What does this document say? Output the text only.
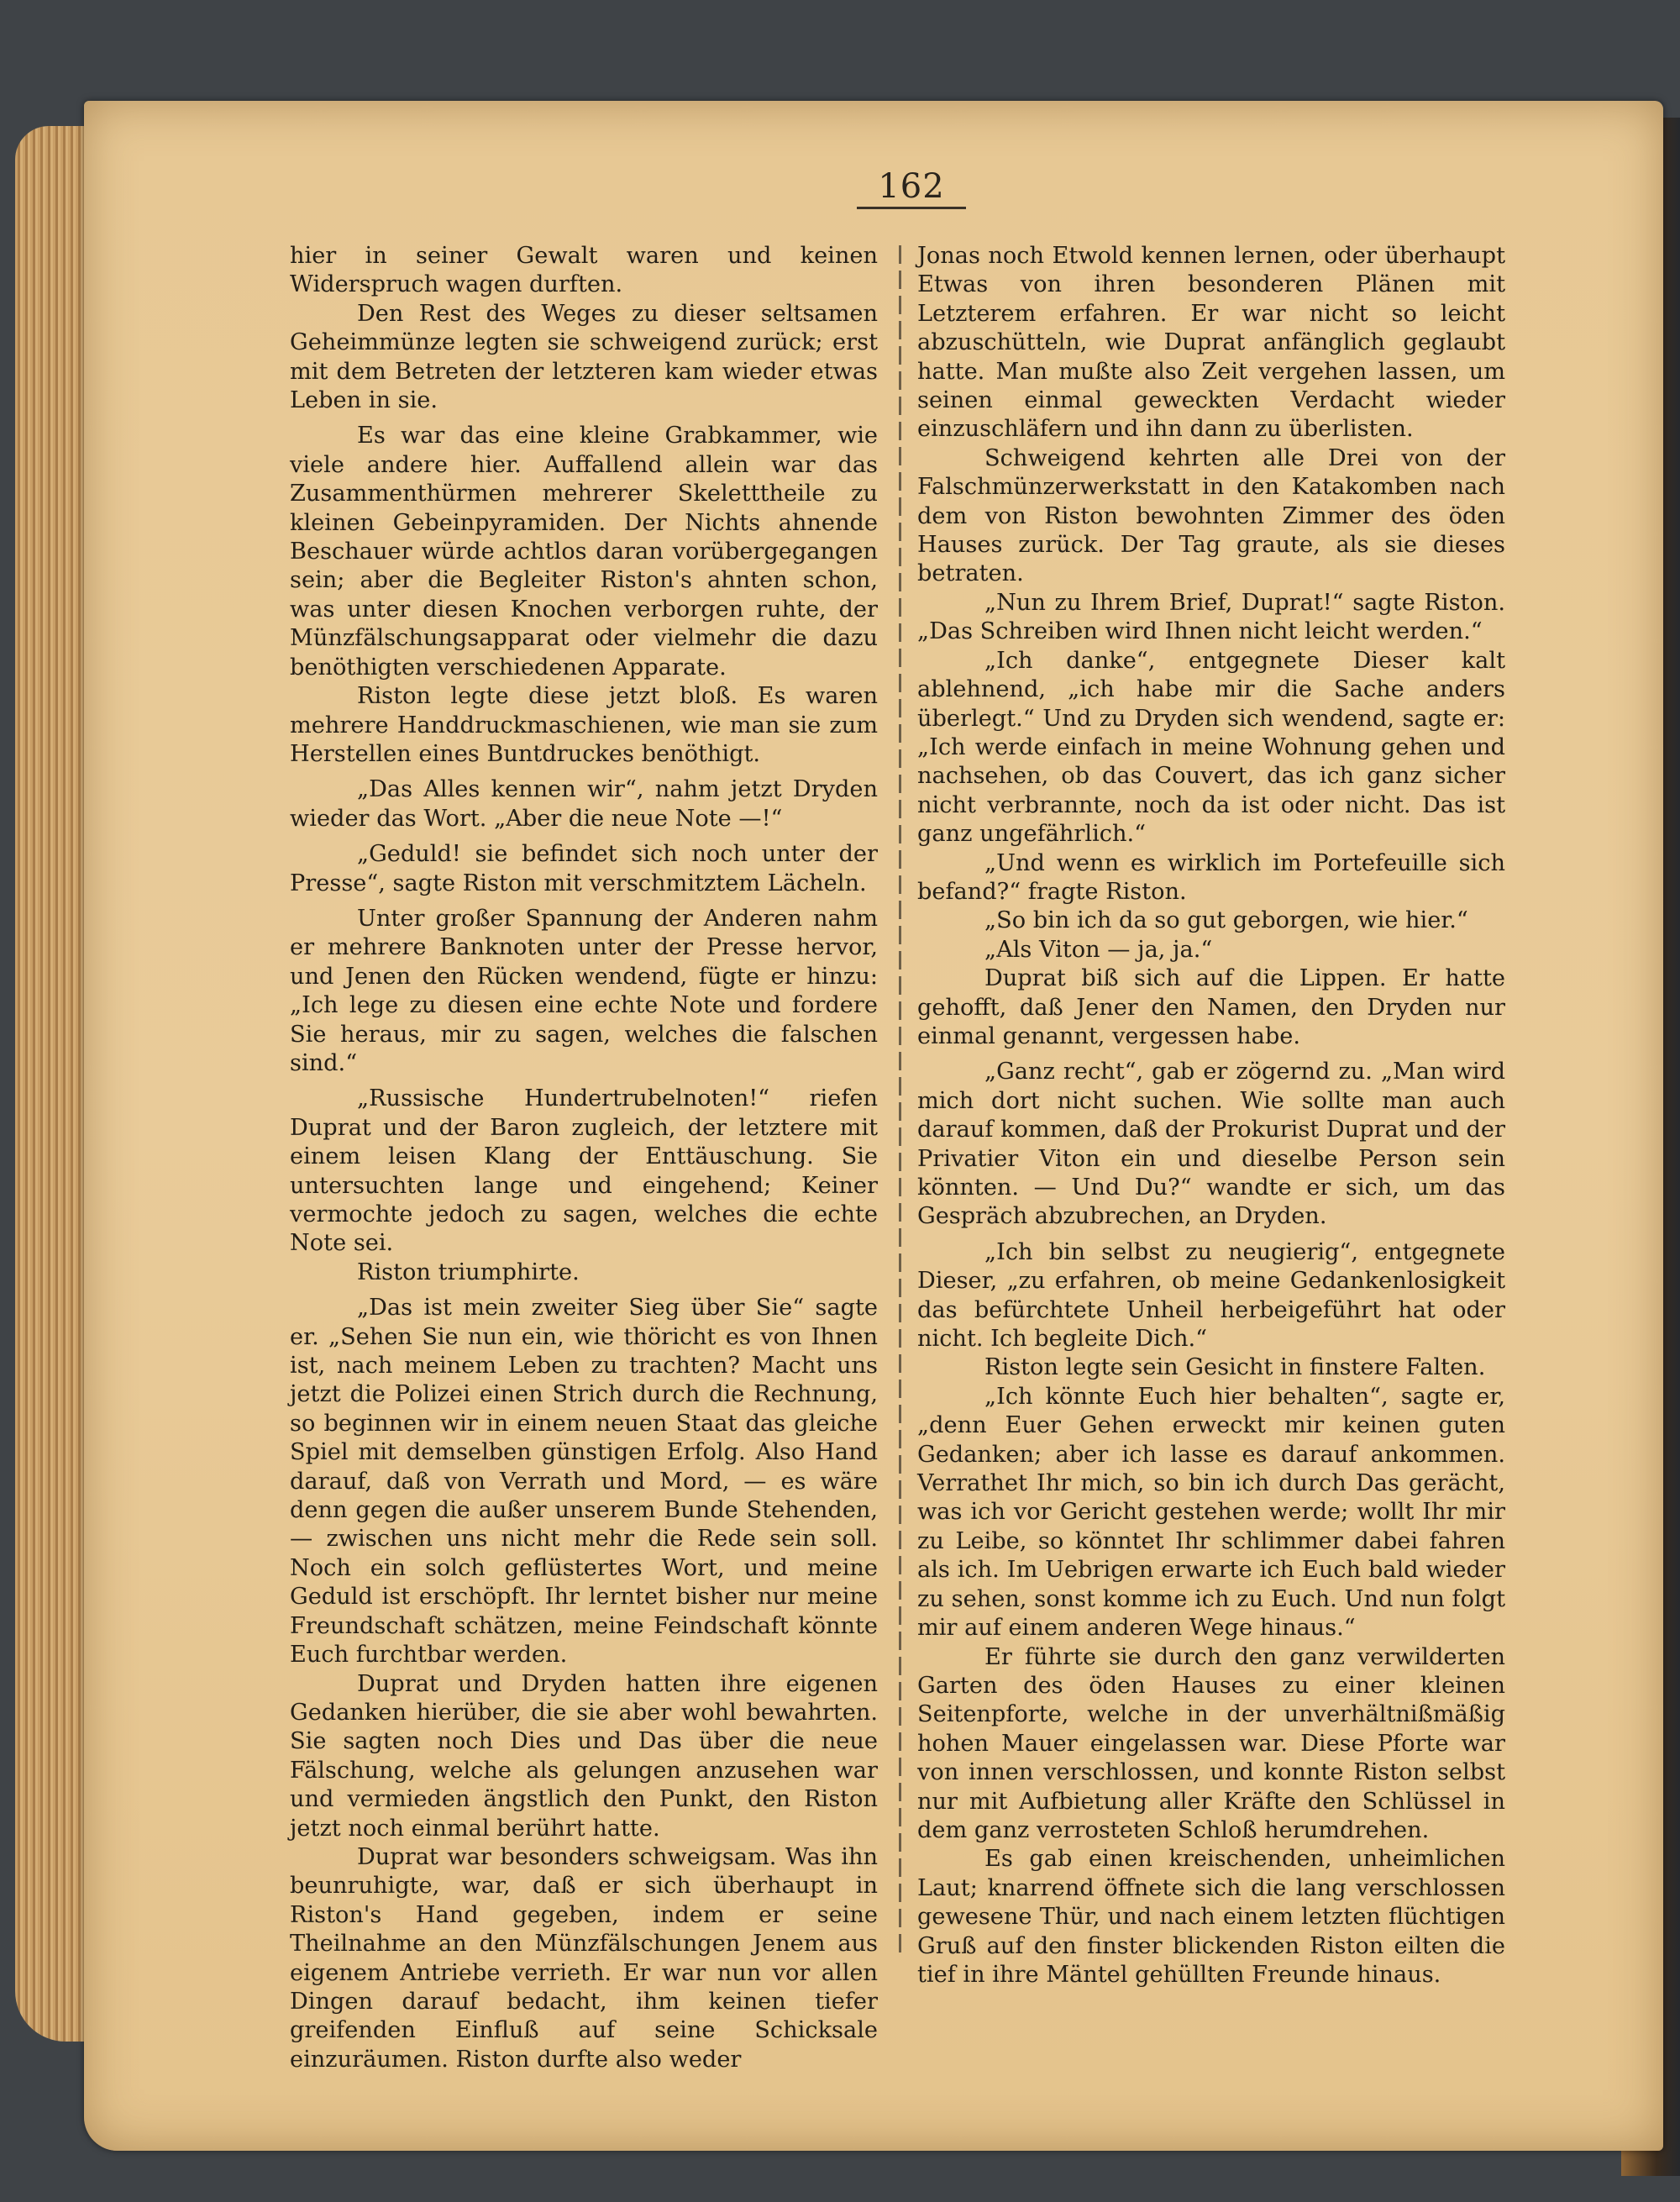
162

hier in seiner Gewalt waren und keinen Widerspruch wagen durften.

Den Rest des Weges zu dieser seltsamen Geheimmünze legten sie schweigend zurück; erst mit dem Betreten der letzteren kam wieder etwas Leben in sie.

Es war das eine kleine Grabkammer, wie viele andere hier. Auffallend allein war das Zusammenthürmen mehrerer Skeletttheile zu kleinen Gebeinpyramiden. Der Nichts ahnende Beschauer würde achtlos daran vorübergegangen sein; aber die Begleiter Riston's ahnten schon, was unter diesen Knochen verborgen ruhte, der Münzfälschungsapparat oder vielmehr die dazu benöthigten verschiedenen Apparate.

Riston legte diese jetzt bloß. Es waren mehrere Handdruckmaschienen, wie man sie zum Herstellen eines Buntdruckes benöthigt.

„Das Alles kennen wir“, nahm jetzt Dryden wieder das Wort. „Aber die neue Note —!“

„Geduld! sie befindet sich noch unter der Presse“, sagte Riston mit verschmitztem Lächeln.

Unter großer Spannung der Anderen nahm er mehrere Banknoten unter der Presse hervor, und Jenen den Rücken wendend, fügte er hinzu: „Ich lege zu diesen eine echte Note und fordere Sie heraus, mir zu sagen, welches die falschen sind.“

„Russische Hundertrubelnoten!“ riefen Duprat und der Baron zugleich, der letztere mit einem leisen Klang der Enttäuschung. Sie untersuchten lange und eingehend; Keiner vermochte jedoch zu sagen, welches die echte Note sei.

Riston triumphirte.

„Das ist mein zweiter Sieg über Sie“ sagte er. „Sehen Sie nun ein, wie thöricht es von Ihnen ist, nach meinem Leben zu trachten? Macht uns jetzt die Polizei einen Strich durch die Rechnung, so beginnen wir in einem neuen Staat das gleiche Spiel mit demselben günstigen Erfolg. Also Hand darauf, daß von Verrath und Mord, — es wäre denn gegen die außer unserem Bunde Stehenden, — zwischen uns nicht mehr die Rede sein soll. Noch ein solch geflüstertes Wort, und meine Geduld ist erschöpft. Ihr lerntet bisher nur meine Freundschaft schätzen, meine Feindschaft könnte Euch furchtbar werden.

Duprat und Dryden hatten ihre eigenen Gedanken hierüber, die sie aber wohl bewahrten. Sie sagten noch Dies und Das über die neue Fälschung, welche als gelungen anzusehen war und vermieden ängstlich den Punkt, den Riston jetzt noch einmal berührt hatte.

Duprat war besonders schweigsam. Was ihn beunruhigte, war, daß er sich überhaupt in Riston's Hand gegeben, indem er seine Theilnahme an den Münzfälschungen Jenem aus eigenem Antriebe verrieth. Er war nun vor allen Dingen darauf bedacht, ihm keinen tiefer greifenden Einfluß auf seine Schicksale einzuräumen. Riston durfte also weder

Jonas noch Etwold kennen lernen, oder überhaupt Etwas von ihren besonderen Plänen mit Letzterem erfahren. Er war nicht so leicht abzuschütteln, wie Duprat anfänglich geglaubt hatte. Man mußte also Zeit vergehen lassen, um seinen einmal geweckten Verdacht wieder einzuschläfern und ihn dann zu überlisten.

Schweigend kehrten alle Drei von der Falschmünzerwerkstatt in den Katakomben nach dem von Riston bewohnten Zimmer des öden Hauses zurück. Der Tag graute, als sie dieses betraten.

„Nun zu Ihrem Brief, Duprat!“ sagte Riston. „Das Schreiben wird Ihnen nicht leicht werden.“

„Ich danke“, entgegnete Dieser kalt ablehnend, „ich habe mir die Sache anders überlegt.“ Und zu Dryden sich wendend, sagte er: „Ich werde einfach in meine Wohnung gehen und nachsehen, ob das Couvert, das ich ganz sicher nicht verbrannte, noch da ist oder nicht. Das ist ganz ungefährlich.“

„Und wenn es wirklich im Portefeuille sich befand?“ fragte Riston.

„So bin ich da so gut geborgen, wie hier.“

„Als Viton — ja, ja.“

Duprat biß sich auf die Lippen. Er hatte gehofft, daß Jener den Namen, den Dryden nur einmal genannt, vergessen habe.

„Ganz recht“, gab er zögernd zu. „Man wird mich dort nicht suchen. Wie sollte man auch darauf kommen, daß der Prokurist Duprat und der Privatier Viton ein und dieselbe Person sein könnten. — Und Du?“ wandte er sich, um das Gespräch abzubrechen, an Dryden.

„Ich bin selbst zu neugierig“, entgegnete Dieser, „zu erfahren, ob meine Gedankenlosigkeit das befürchtete Unheil herbeigeführt hat oder nicht. Ich begleite Dich.“

Riston legte sein Gesicht in finstere Falten.

„Ich könnte Euch hier behalten“, sagte er, „denn Euer Gehen erweckt mir keinen guten Gedanken; aber ich lasse es darauf ankommen. Verrathet Ihr mich, so bin ich durch Das gerächt, was ich vor Gericht gestehen werde; wollt Ihr mir zu Leibe, so könntet Ihr schlimmer dabei fahren als ich. Im Uebrigen erwarte ich Euch bald wieder zu sehen, sonst komme ich zu Euch. Und nun folgt mir auf einem anderen Wege hinaus.“

Er führte sie durch den ganz verwilderten Garten des öden Hauses zu einer kleinen Seitenpforte, welche in der unverhältnißmäßig hohen Mauer eingelassen war. Diese Pforte war von innen verschlossen, und konnte Riston selbst nur mit Aufbietung aller Kräfte den Schlüssel in dem ganz verrosteten Schloß herumdrehen.

Es gab einen kreischenden, unheimlichen Laut; knarrend öffnete sich die lang verschlossen gewesene Thür, und nach einem letzten flüchtigen Gruß auf den finster blickenden Riston eilten die tief in ihre Mäntel gehüllten Freunde hinaus.
